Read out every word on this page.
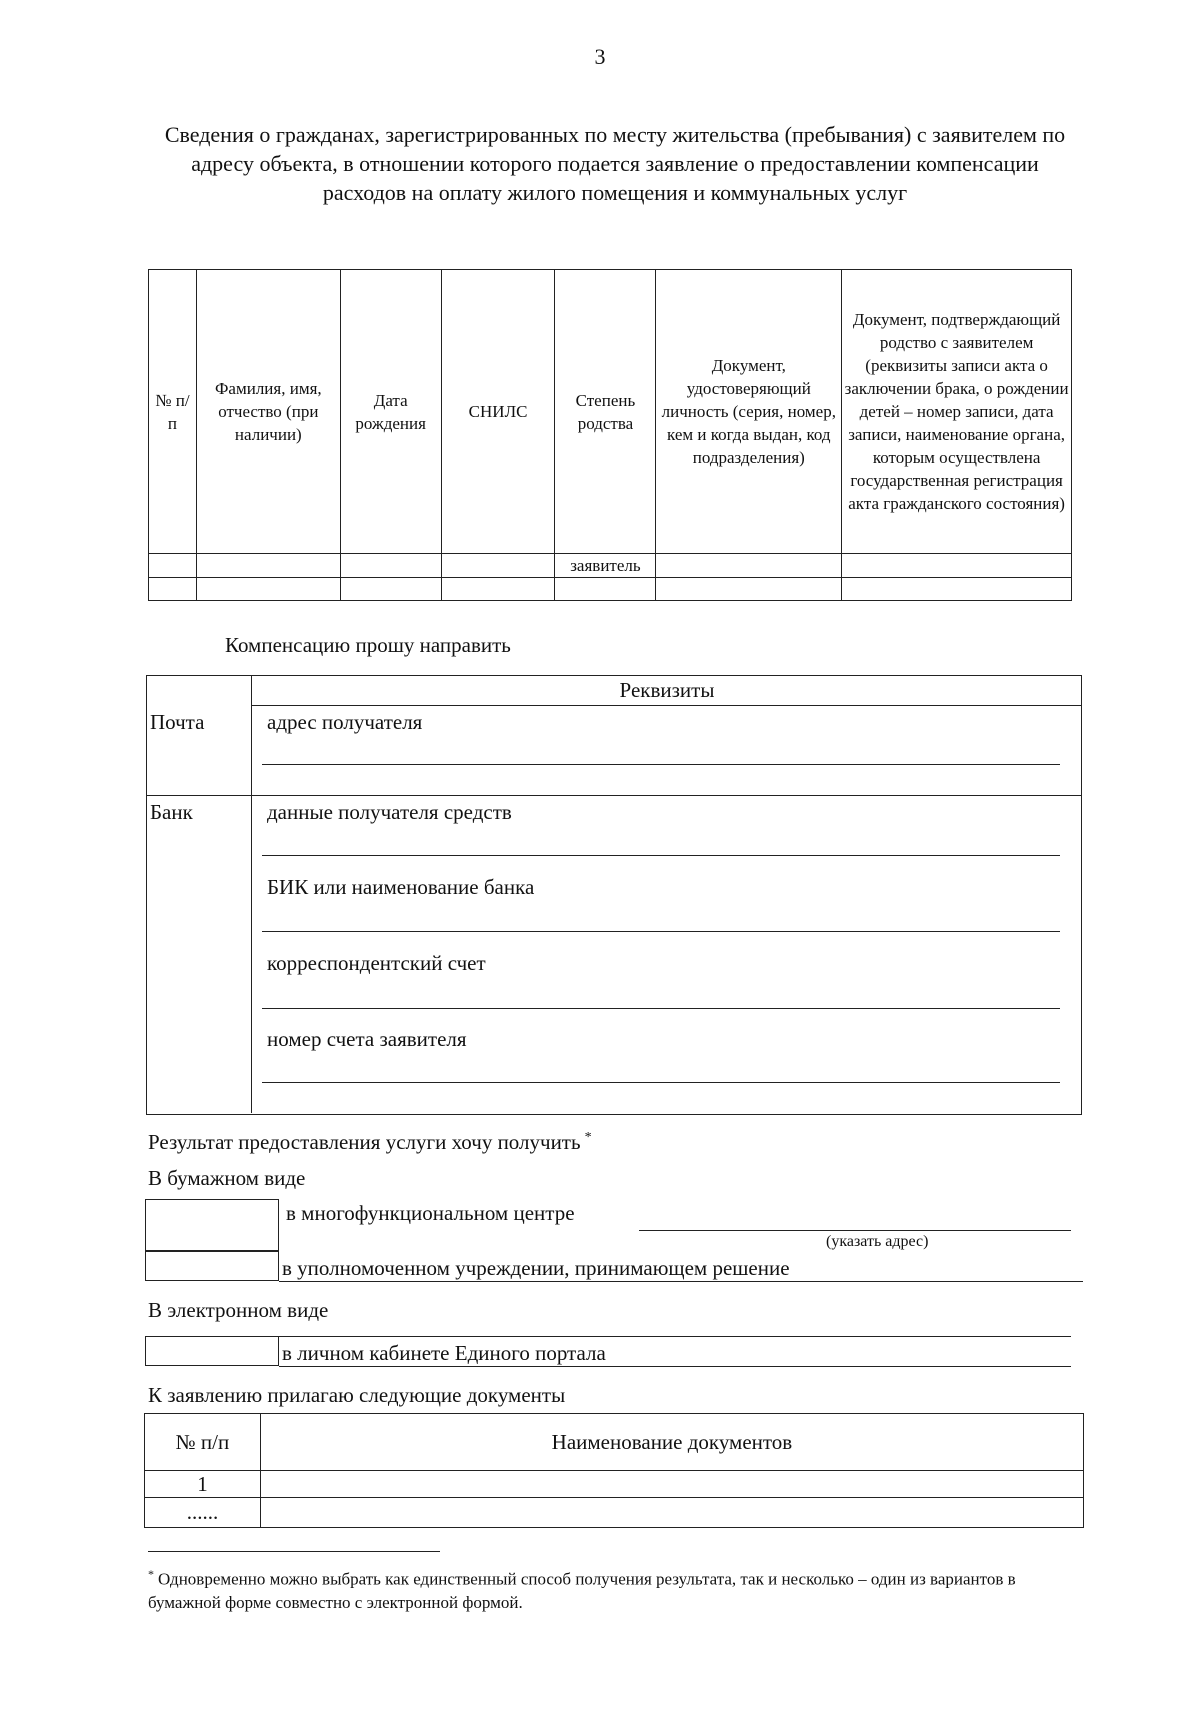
3
Сведения о гражданах, зарегистрированных по месту жительства (пребывания) с заявителем по адресу объекта, в отношении которого подается заявление о предоставлении компенсации расходов на оплату жилого помещения и коммунальных услуг
№ п/п	Фамилия, имя, отчество (при наличии)	Дата рождения	СНИЛС	Степень родства	Документ, удостоверяющий личность (серия, номер, кем и когда выдан, код подразделения)	Документ, подтверждающий родство с заявителем (реквизиты записи акта о заключении брака, о рождении детей – номер записи, дата записи, наименование органа, которым осуществлена государственная регистрация акта гражданского состояния)
				заявитель		

Компенсацию прошу направить
Реквизиты
Почта	адрес получателя
Банк	данные получателя средств
БИК или наименование банка
корреспондентский счет
номер счета заявителя
Результат предоставления услуги хочу получить *
В бумажном виде
в многофункциональном центре
(указать адрес)
в уполномоченном учреждении, принимающем решение
В электронном виде
в личном кабинете Единого портала
К заявлению прилагаю следующие документы
№ п/п	Наименование документов
1	
......	
* Одновременно можно выбрать как единственный способ получения результата, так и несколько – один из вариантов в бумажной форме совместно с электронной формой.
